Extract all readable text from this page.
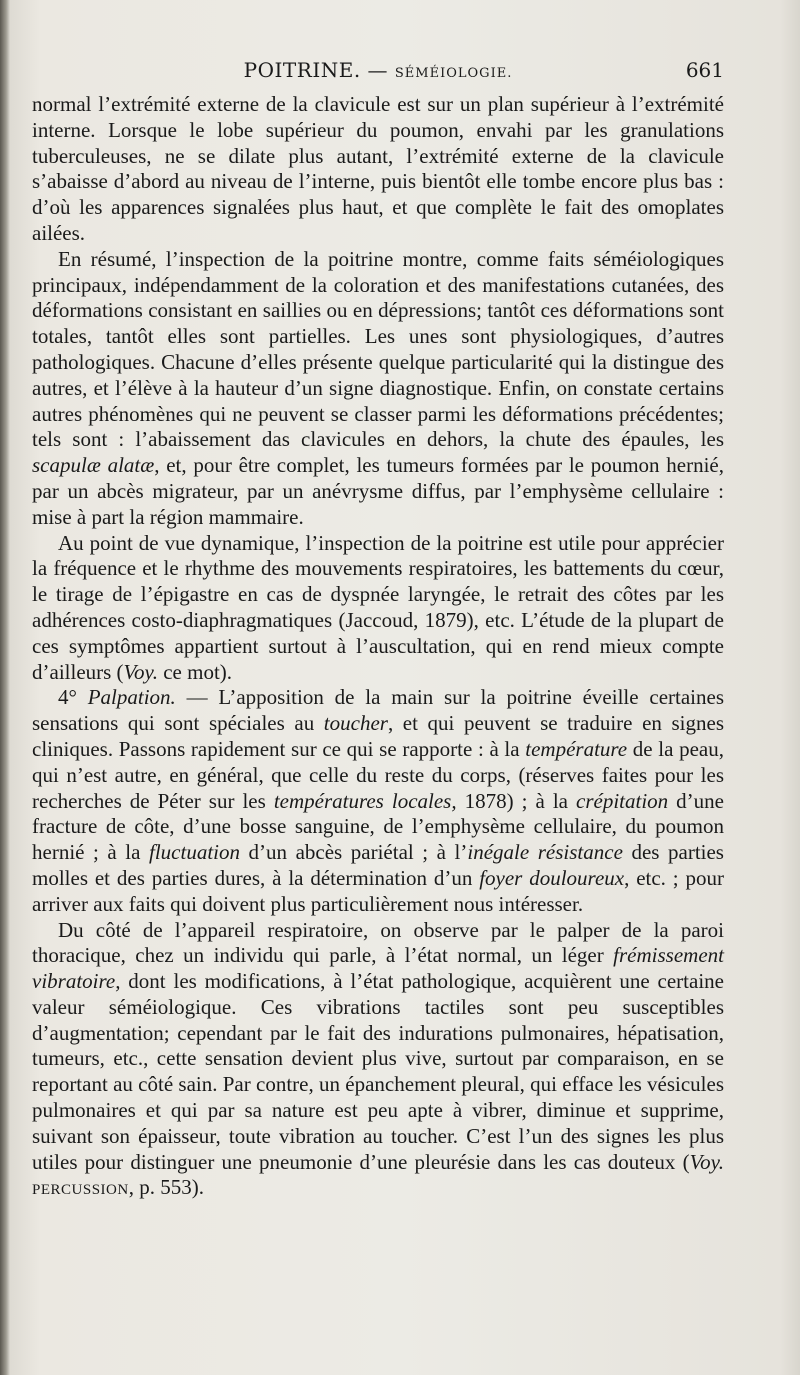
POITRINE. — SÉMÉIOLOGIE.	661

normal l’extrémité externe de la clavicule est sur un plan supérieur à l’extrémité interne. Lorsque le lobe supérieur du poumon, envahi par les granulations tuberculeuses, ne se dilate plus autant, l’extrémité externe de la clavicule s’abaisse d’abord au niveau de l’interne, puis bientôt elle tombe encore plus bas : d’où les apparences signalées plus haut, et que complète le fait des omoplates ailées.

En résumé, l’inspection de la poitrine montre, comme faits séméiologiques principaux, indépendamment de la coloration et des manifestations cutanées, des déformations consistant en saillies ou en dépressions; tantôt ces déformations sont totales, tantôt elles sont partielles. Les unes sont physiologiques, d’autres pathologiques. Chacune d’elles présente quelque particularité qui la distingue des autres, et l’élève à la hauteur d’un signe diagnostique. Enfin, on constate certains autres phénomènes qui ne peuvent se classer parmi les déformations précédentes; tels sont : l’abaissement das clavicules en dehors, la chute des épaules, les scapulæ alatæ, et, pour être complet, les tumeurs formées par le poumon hernié, par un abcès migrateur, par un anévrysme diffus, par l’emphysème cellulaire : mise à part la région mammaire.

Au point de vue dynamique, l’inspection de la poitrine est utile pour apprécier la fréquence et le rhythme des mouvements respiratoires, les battements du cœur, le tirage de l’épigastre en cas de dyspnée laryngée, le retrait des côtes par les adhérences costo-diaphragmatiques (Jaccoud, 1879), etc. L’étude de la plupart de ces symptômes appartient surtout à l’auscultation, qui en rend mieux compte d’ailleurs (Voy. ce mot).

4° Palpation. — L’apposition de la main sur la poitrine éveille certaines sensations qui sont spéciales au toucher, et qui peuvent se traduire en signes cliniques. Passons rapidement sur ce qui se rapporte : à la température de la peau, qui n’est autre, en général, que celle du reste du corps, (réserves faites pour les recherches de Péter sur les températures locales, 1878) ; à la crépitation d’une fracture de côte, d’une bosse sanguine, de l’emphysème cellulaire, du poumon hernié ; à la fluctuation d’un abcès pariétal ; à l’inégale résistance des parties molles et des parties dures, à la détermination d’un foyer douloureux, etc. ; pour arriver aux faits qui doivent plus particulièrement nous intéresser.

Du côté de l’appareil respiratoire, on observe par le palper de la paroi thoracique, chez un individu qui parle, à l’état normal, un léger frémissement vibratoire, dont les modifications, à l’état pathologique, acquièrent une certaine valeur séméiologique. Ces vibrations tactiles sont peu susceptibles d’augmentation; cependant par le fait des indurations pulmonaires, hépatisation, tumeurs, etc., cette sensation devient plus vive, surtout par comparaison, en se reportant au côté sain. Par contre, un épanchement pleural, qui efface les vésicules pulmonaires et qui par sa nature est peu apte à vibrer, diminue et supprime, suivant son épaisseur, toute vibration au toucher. C’est l’un des signes les plus utiles pour distinguer une pneumonie d’une pleurésie dans les cas douteux (Voy. PERCUSSION, p. 553).
